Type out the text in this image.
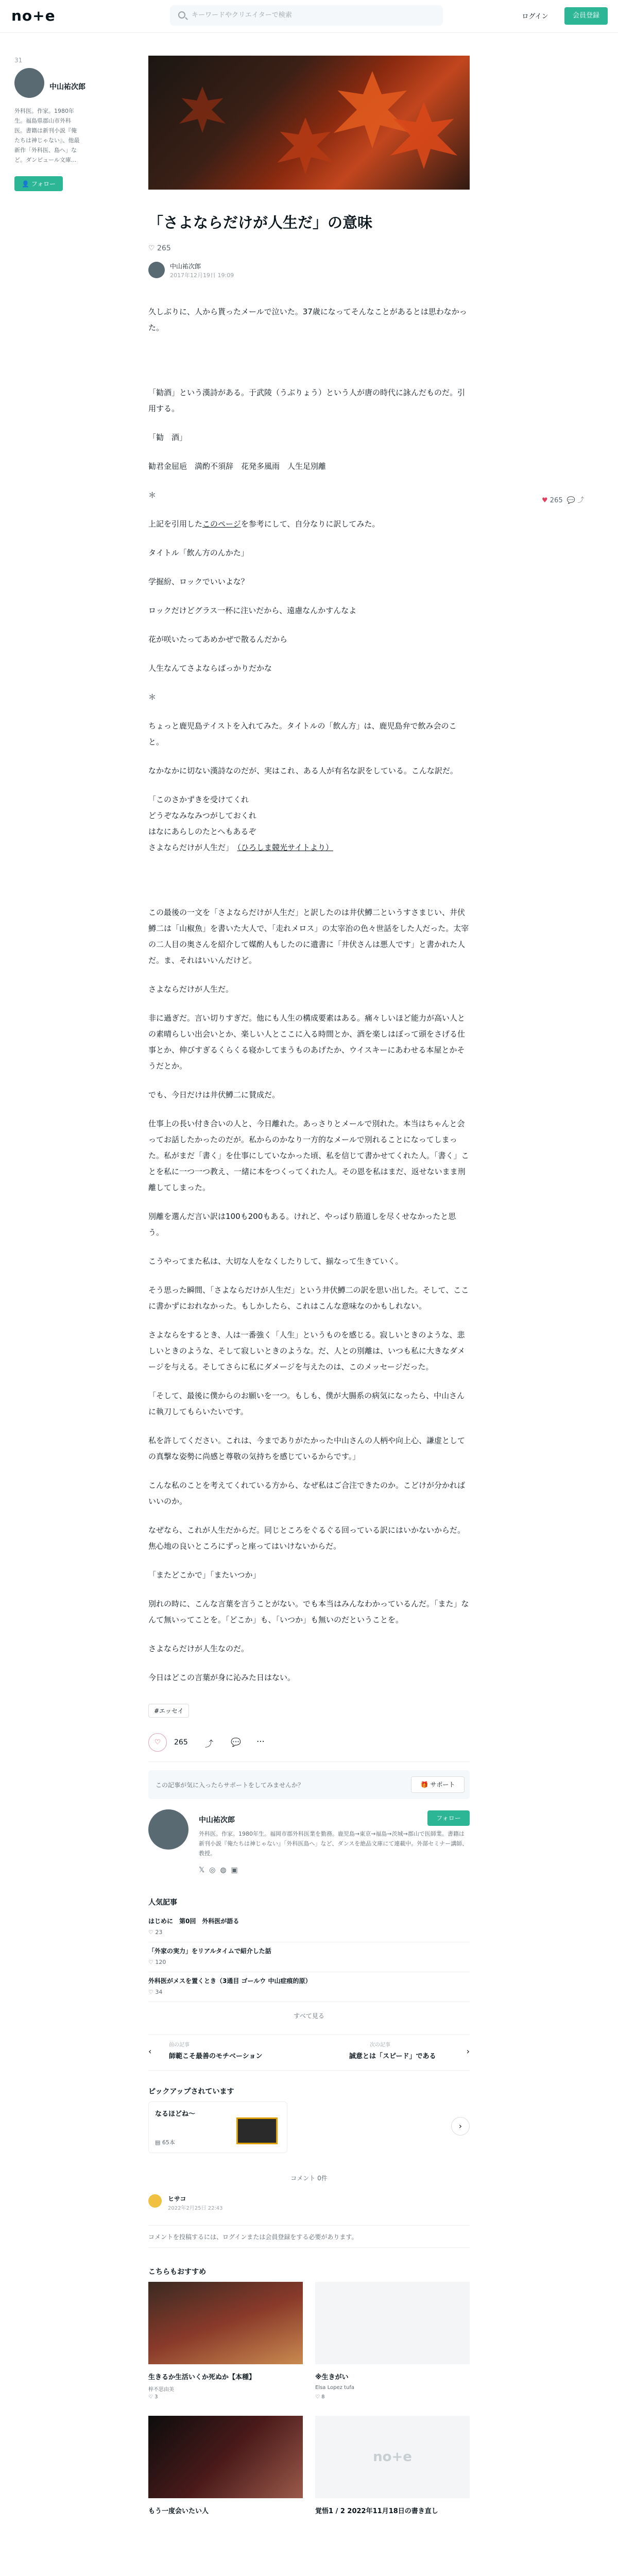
no+e	キーワードやクリエイターで検索	ログイン	会員登録
31
中山祐次郎
外科医。作家。1980年生。福島県郡山市外科医。書籍は新刊小説『俺たちは神じゃない』、他最新作「外科医、島へ」など。ダンピュール文庫...
👤 フォロー
「さよならだけが人生だ」の意味
♡ 265
中山祐次郎
2017年12月19日 19:09

久しぶりに、人から貰ったメールで泣いた。37歳になってそんなことがあるとは思わなかった。

「勧酒」という漢詩がある。于武陵（うぶりょう）という人が唐の時代に詠んだものだ。引用する。

「勧　酒」

勧君金屈巵　満酌不須辞　花発多風雨　人生足別離

＊

上記を引用したこのページを参考にして、自分なりに訳してみた。

タイトル「飲ん方のんかた」

学掘紛、ロックでいいよな？

ロックだけどグラス一杯に注いだから、遠慮なんかすんなよ

花が咲いたってあめかぜで散るんだから

人生なんてさよならばっかりだかな

＊

ちょっと鹿児島テイストを入れてみた。タイトルの「飲ん方」は、鹿児島弁で飲み会のこと。

なかなかに切ない漢詩なのだが、実はこれ、ある人が有名な訳をしている。こんな訳だ。

「このさかずきを受けてくれ

どうぞなみなみつがしておくれ

はなにあらしのたとへもあるぞ

さよならだけが人生だ」　 （ひろしま競光サイトより）

この最後の一文を「さよならだけが人生だ」と訳したのは井伏鱒二というすさまじい、井伏鱒二は「山椒魚」を書いた大人で、「走れメロス」の太宰治の色々世話をした人だった。太宰の二人目の奥さんを紹介して媒酌人もしたのに遺書に「井伏さんは悪人です」と書かれた人だ。ま、それはいいんだけど。

さよならだけが人生だ。

非に過ぎだ。言い切りすぎだ。他にも人生の構成要素はある。痛々しいほど能力が高い人との素晴らしい出会いとか、楽しい人とここに入る時間とか、酒を楽しはぼって頭をさげる仕事とか、伸びすぎるくらくる寝かしてまうものあげたか、ウイスキーにあわせる本屋とかそうだとか。

でも、今日だけは井伏鱒二に賛成だ。

仕事上の長い付き合いの人と、今日離れた。あっさりとメールで別れた。本当はちゃんと会ってお話したかったのだが。私からのかなり一方的なメールで別れることになってしまった。私がまだ「書く」を仕事にしていなかった頃、私を信じて書かせてくれた人。「書く」ことを私に一つ一つ教え、一緒に本をつくってくれた人。その恩を私はまだ、返せないまま刑離してしまった。

別離を選んだ言い訳は100も200もある。けれど、やっぱり筋道しを尽くせなかったと思う。

こうやってまた私は、大切な人をなくしたりして、揃なって生きていく。

そう思った瞬間、「さよならだけが人生だ」という井伏鱒二の訳を思い出した。そして、ここに書かずにおれなかった。もしかしたら、これはこんな意味なのかもしれない。

さよならをするとき、人は一番強く「人生」というものを感じる。寂しいときのような、悲しいときのような、そして寂しいときのような。だ、人との別離は、いつも私に大きなダメージを与える。そしてさらに私にダメージを与えたのは、このメッセージだった。

「そして、最後に僕からのお願いを一つ。もしも、僕が大腸系の病気になったら、中山さんに執刀してもらいたいです。

私を許してください。これは、今までありがたかった中山さんの人柄や向上心、謙虚としての真撃な姿勢に尚感と尊敬の気持ちを感じているからです。」

こんな私のことを考えてくれている方から、なぜ私はご合注できたのか。こどけが分かればいいのか。

なぜなら、これが人生だからだ。同じところをぐるぐる回っている訳にはいかないからだ。焦心地の良いところにずっと座ってはいけないからだ。

「またどこかで」「またいつか」

別れの時に、こんな言葉を言うことがない。でも本当はみんなわかっているんだ。「また」なんて無いってことを。「どこか」も、「いつか」も無いのだということを。

さよならだけが人生なのだ。

今日はどこの言葉が身に沁みた日はない。

#エッセイ
♡	265 ⤴ 💬 ⋯
この記事が気に入ったらサポートをしてみませんか？	🎁 サポート
中山祐次郎
外科医。作家。1980年生。福岡市郡外科医業を勤務。鹿児島→東京→福島→茨城→郡山で医師業。書籍は新刊小説『俺たちは神じゃない』「外科医島へ」など、ダンスを絶品文庫にて連載中。外部セミナー講師、教授。
フォロー
𝕏 ◎ ◍ ▣
人気記事
はじめに　第0回　外科医が語る
♡ 23
「外家の実力」をリアルタイムで紹介した話
♡ 120
外科医がメスを置くとき（3通目 ゴールウ 中山症痕的原）
♡ 34
すべて見る
‹
前の記事
師範こそ最善のモチベーション
次の記事
誠意とは「スピード」である
›
ピックアップされています
なるほどね〜
▤ 65本
›
コメント 0件
ヒサコ
2022年2月25日 22:43
コメントを投稿するには、ログインまたは会員登録をする必要があります。
こちらもおすすめ
生きるか生活いくか死ぬか【本種】
梓不思由美
♡ 3
※生きがい
Elsa Lopez tufa
♡ 8
もう一度会いたい人
no+e
覚悟1 / 2 2022年11月18日の書き直し
♥ 265 💬 ⤴
